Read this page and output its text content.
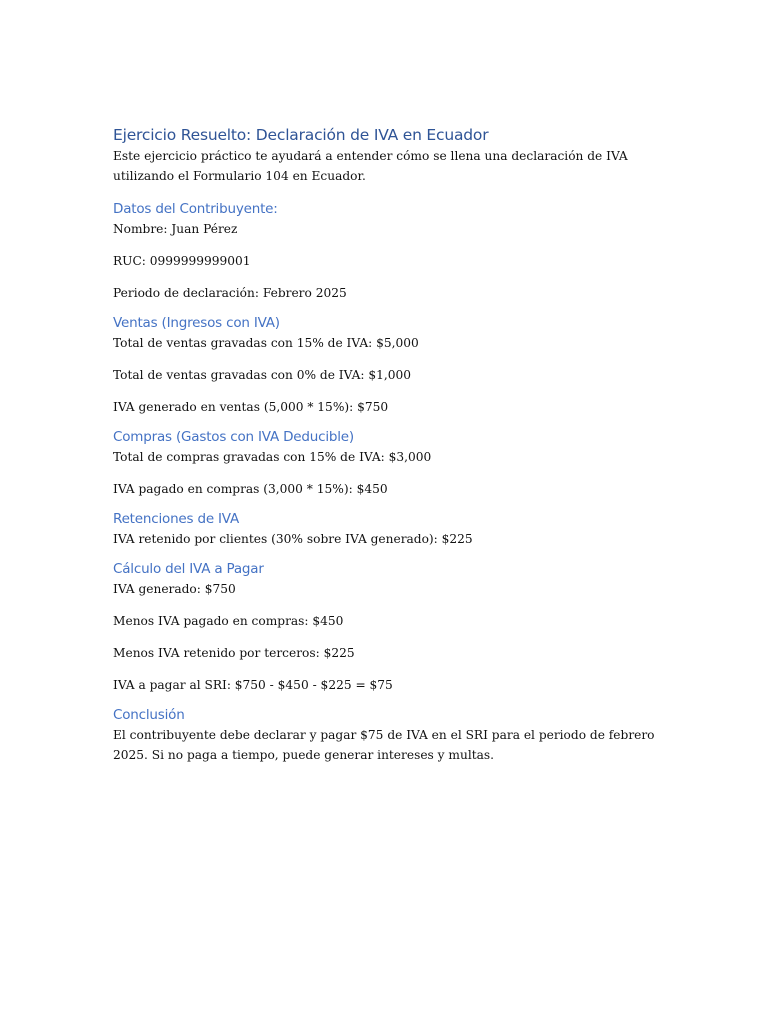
Ejercicio Resuelto: Declaración de IVA en Ecuador

Este ejercicio práctico te ayudará a entender cómo se llena una declaración de IVA

utilizando el Formulario 104 en Ecuador.

Datos del Contribuyente:

Nombre: Juan Pérez

RUC: 0999999999001

Periodo de declaración: Febrero 2025

Ventas (Ingresos con IVA)

Total de ventas gravadas con 15% de IVA: $5,000

Total de ventas gravadas con 0% de IVA: $1,000

IVA generado en ventas (5,000 * 15%): $750

Compras (Gastos con IVA Deducible)

Total de compras gravadas con 15% de IVA: $3,000

IVA pagado en compras (3,000 * 15%): $450

Retenciones de IVA

IVA retenido por clientes (30% sobre IVA generado): $225

Cálculo del IVA a Pagar

IVA generado: $750

Menos IVA pagado en compras: $450

Menos IVA retenido por terceros: $225

IVA a pagar al SRI: $750 - $450 - $225 = $75

Conclusión

El contribuyente debe declarar y pagar $75 de IVA en el SRI para el periodo de febrero

2025. Si no paga a tiempo, puede generar intereses y multas.
